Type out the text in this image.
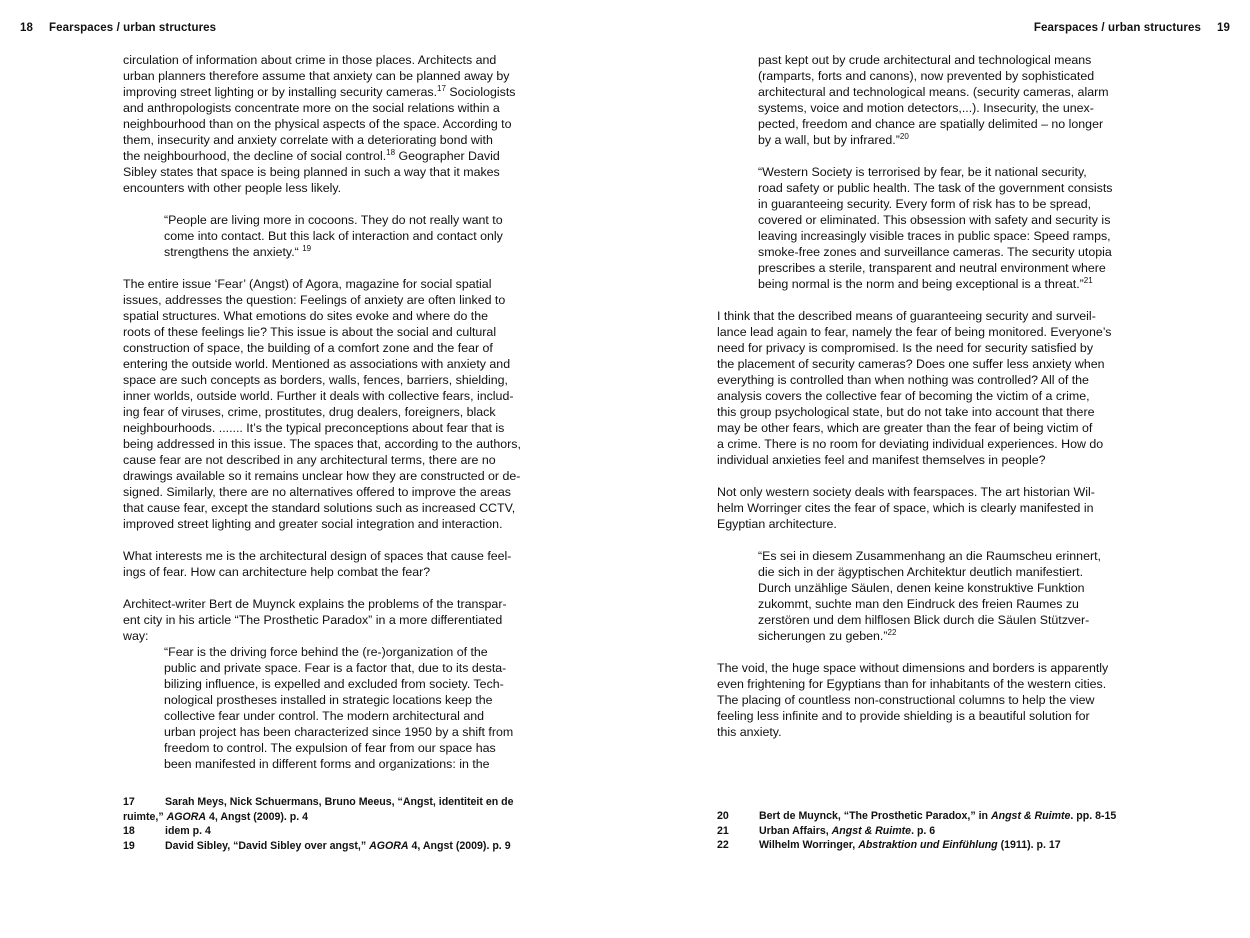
18 Fearspaces / urban structures
circulation of information about crime in those places. Architects and
urban planners therefore assume that anxiety can be planned away by
improving street lighting or by installing security cameras.$^{17}$ Sociologists
and anthropologists concentrate more on the social relations within a
neighbourhood than on the physical aspects of the space. According to
them, insecurity and anxiety correlate with a deteriorating bond with
the neighbourhood, the decline of social control.$^{18}$ Geographer David
Sibley states that space is being planned in such a way that it makes
encounters with other people less likely.
“People are living more in cocoons. They do not really want to
come into contact. But this lack of interaction and contact only
strengthens the anxiety.“ $^{19}$
The entire issue ‘Fear’ (Angst) of Agora, magazine for social spatial
issues, addresses the question: Feelings of anxiety are often linked to
spatial structures. What emotions do sites evoke and where do the
roots of these feelings lie? This issue is about the social and cultural
construction of space, the building of a comfort zone and the fear of
entering the outside world. Mentioned as associations with anxiety and
space are such concepts as borders, walls, fences, barriers, shielding,
inner worlds, outside world. Further it deals with collective fears, includ-
ing fear of viruses, crime, prostitutes, drug dealers, foreigners, black
neighbourhoods. ....... It’s the typical preconceptions about fear that is
being addressed in this issue. The spaces that, according to the authors,
cause fear are not described in any architectural terms, there are no
drawings available so it remains unclear how they are constructed or de-
signed. Similarly, there are no alternatives offered to improve the areas
that cause fear, except the standard solutions such as increased CCTV,
improved street lighting and greater social integration and interaction.
What interests me is the architectural design of spaces that cause feel-
ings of fear. How can architecture help combat the fear?
Architect-writer Bert de Muynck explains the problems of the transpar-
ent city in his article “The Prosthetic Paradox” in a more differentiated
way:
“Fear is the driving force behind the (re-)organization of the
public and private space. Fear is a factor that, due to its desta-
bilizing influence, is expelled and excluded from society. Tech-
nological prostheses installed in strategic locations keep the
collective fear under control. The modern architectural and
urban project has been characterized since 1950 by a shift from
freedom to control. The expulsion of fear from our space has
been manifested in different forms and organizations: in the
17	Sarah Meys, Nick Schuermans, Bruno Meeus, “Angst, identiteit en de
ruimte,” AGORA 4, Angst (2009). p. 4
18	idem p. 4
19	David Sibley, “David Sibley over angst,” AGORA 4, Angst (2009). p. 9
Fearspaces / urban structures 19
past kept out by crude architectural and technological means
(ramparts, forts and canons), now prevented by sophisticated
architectural and technological means. (security cameras, alarm
systems, voice and motion detectors,...). Insecurity, the unex-
pected, freedom and chance are spatially delimited – no longer
by a wall, but by infrared.”$^{20}$
“Western Society is terrorised by fear, be it national security,
road safety or public health. The task of the government consists
in guaranteeing security. Every form of risk has to be spread,
covered or eliminated. This obsession with safety and security is
leaving increasingly visible traces in public space: Speed ramps,
smoke-free zones and surveillance cameras. The security utopia
prescribes a sterile, transparent and neutral environment where
being normal is the norm and being exceptional is a threat.”$^{21}$
I think that the described means of guaranteeing security and surveil-
lance lead again to fear, namely the fear of being monitored. Everyone’s
need for privacy is compromised. Is the need for security satisfied by
the placement of security cameras? Does one suffer less anxiety when
everything is controlled than when nothing was controlled? All of the
analysis covers the collective fear of becoming the victim of a crime,
this group psychological state, but do not take into account that there
may be other fears, which are greater than the fear of being victim of
a crime. There is no room for deviating individual experiences. How do
individual anxieties feel and manifest themselves in people?
Not only western society deals with fearspaces. The art historian Wil-
helm Worringer cites the fear of space, which is clearly manifested in
Egyptian architecture.
“Es sei in diesem Zusammenhang an die Raumscheu erinnert,
die sich in der ägyptischen Architektur deutlich manifestiert.
Durch unzählige Säulen, denen keine konstruktive Funktion
zukommt, suchte man den Eindruck des freien Raumes zu
zerstören und dem hilflosen Blick durch die Säulen Stützver-
sicherungen zu geben.”$^{22}$
The void, the huge space without dimensions and borders is apparently
even frightening for Egyptians than for inhabitants of the western cities.
The placing of countless non-constructional columns to help the view
feeling less infinite and to provide shielding is a beautiful solution for
this anxiety.
20	Bert de Muynck, “The Prosthetic Paradox,” in Angst & Ruimte. pp. 8-15
21	Urban Affairs, Angst & Ruimte. p. 6
22	Wilhelm Worringer, Abstraktion und Einfühlung (1911). p. 17
